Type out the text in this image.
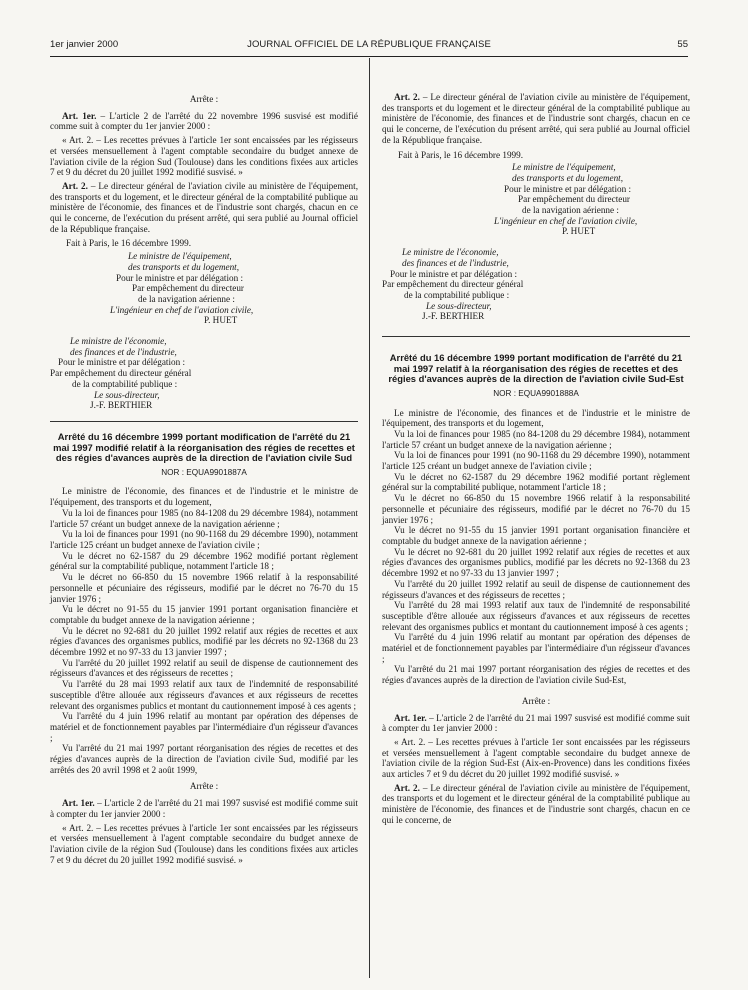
1er janvier 2000	JOURNAL OFFICIEL DE LA RÉPUBLIQUE FRANÇAISE	55

Arrête :

Art. 1er. – L'article 2 de l'arrêté du 22 novembre 1996 susvisé est modifié comme suit à compter du 1er janvier 2000 :

« Art. 2. – Les recettes prévues à l'article 1er sont encaissées par les régisseurs et versées mensuellement à l'agent comptable secondaire du budget annexe de l'aviation civile de la région Sud (Toulouse) dans les conditions fixées aux articles 7 et 9 du décret du 20 juillet 1992 modifié susvisé. »

Art. 2. – Le directeur général de l'aviation civile au ministère de l'équipement, des transports et du logement, et le directeur général de la comptabilité publique au ministère de l'économie, des finances et de l'industrie sont chargés, chacun en ce qui le concerne, de l'exécution du présent arrêté, qui sera publié au Journal officiel de la République française.

Fait à Paris, le 16 décembre 1999.

Le ministre de l'équipement,

des transports et du logement,

Pour le ministre et par délégation :

Par empêchement du directeur

de la navigation aérienne :

L'ingénieur en chef de l'aviation civile,

P. HUET

Le ministre de l'économie,

des finances et de l'industrie,

Pour le ministre et par délégation :

Par empêchement du directeur général

de la comptabilité publique :

Le sous-directeur,

J.-F. BERTHIER

Arrêté du 16 décembre 1999 portant modification de l'arrêté du 21 mai 1997 modifié relatif à la réorganisation des régies de recettes et des régies d'avances auprès de la direction de l'aviation civile Sud

NOR : EQUA9901887A

Le ministre de l'économie, des finances et de l'industrie et le ministre de l'équipement, des transports et du logement,

Vu la loi de finances pour 1985 (no 84-1208 du 29 décembre 1984), notamment l'article 57 créant un budget annexe de la navigation aérienne ;

Vu la loi de finances pour 1991 (no 90-1168 du 29 décembre 1990), notamment l'article 125 créant un budget annexe de l'aviation civile ;

Vu le décret no 62-1587 du 29 décembre 1962 modifié portant règlement général sur la comptabilité publique, notamment l'article 18 ;

Vu le décret no 66-850 du 15 novembre 1966 relatif à la responsabilité personnelle et pécuniaire des régisseurs, modifié par le décret no 76-70 du 15 janvier 1976 ;

Vu le décret no 91-55 du 15 janvier 1991 portant organisation financière et comptable du budget annexe de la navigation aérienne ;

Vu le décret no 92-681 du 20 juillet 1992 relatif aux régies de recettes et aux régies d'avances des organismes publics, modifié par les décrets no 92-1368 du 23 décembre 1992 et no 97-33 du 13 janvier 1997 ;

Vu l'arrêté du 20 juillet 1992 relatif au seuil de dispense de cautionnement des régisseurs d'avances et des régisseurs de recettes ;

Vu l'arrêté du 28 mai 1993 relatif aux taux de l'indemnité de responsabilité susceptible d'être allouée aux régisseurs d'avances et aux régisseurs de recettes relevant des organismes publics et montant du cautionnement imposé à ces agents ;

Vu l'arrêté du 4 juin 1996 relatif au montant par opération des dépenses de matériel et de fonctionnement payables par l'intermédiaire d'un régisseur d'avances ;

Vu l'arrêté du 21 mai 1997 portant réorganisation des régies de recettes et des régies d'avances auprès de la direction de l'aviation civile Sud, modifié par les arrêtés des 20 avril 1998 et 2 août 1999,

Arrête :

Art. 1er. – L'article 2 de l'arrêté du 21 mai 1997 susvisé est modifié comme suit à compter du 1er janvier 2000 :

« Art. 2. – Les recettes prévues à l'article 1er sont encaissées par les régisseurs et versées mensuellement à l'agent comptable secondaire du budget annexe de l'aviation civile de la région Sud (Toulouse) dans les conditions fixées aux articles 7 et 9 du décret du 20 juillet 1992 modifié susvisé. »

Art. 2. – Le directeur général de l'aviation civile au ministère de l'équipement, des transports et du logement et le directeur général de la comptabilité publique au ministère de l'économie, des finances et de l'industrie sont chargés, chacun en ce qui le concerne, de l'exécution du présent arrêté, qui sera publié au Journal officiel de la République française.

Fait à Paris, le 16 décembre 1999.

Le ministre de l'équipement,

des transports et du logement,

Pour le ministre et par délégation :

Par empêchement du directeur

de la navigation aérienne :

L'ingénieur en chef de l'aviation civile,

P. HUET

Le ministre de l'économie,

des finances et de l'industrie,

Pour le ministre et par délégation :

Par empêchement du directeur général

de la comptabilité publique :

Le sous-directeur,

J.-F. BERTHIER

Arrêté du 16 décembre 1999 portant modification de l'arrêté du 21 mai 1997 relatif à la réorganisation des régies de recettes et des régies d'avances auprès de la direction de l'aviation civile Sud-Est

NOR : EQUA9901888A

Le ministre de l'économie, des finances et de l'industrie et le ministre de l'équipement, des transports et du logement,

Vu la loi de finances pour 1985 (no 84-1208 du 29 décembre 1984), notamment l'article 57 créant un budget annexe de la navigation aérienne ;

Vu la loi de finances pour 1991 (no 90-1168 du 29 décembre 1990), notamment l'article 125 créant un budget annexe de l'aviation civile ;

Vu le décret no 62-1587 du 29 décembre 1962 modifié portant règlement général sur la comptabilité publique, notamment l'article 18 ;

Vu le décret no 66-850 du 15 novembre 1966 relatif à la responsabilité personnelle et pécuniaire des régisseurs, modifié par le décret no 76-70 du 15 janvier 1976 ;

Vu le décret no 91-55 du 15 janvier 1991 portant organisation financière et comptable du budget annexe de la navigation aérienne ;

Vu le décret no 92-681 du 20 juillet 1992 relatif aux régies de recettes et aux régies d'avances des organismes publics, modifié par les décrets no 92-1368 du 23 décembre 1992 et no 97-33 du 13 janvier 1997 ;

Vu l'arrêté du 20 juillet 1992 relatif au seuil de dispense de cautionnement des régisseurs d'avances et des régisseurs de recettes ;

Vu l'arrêté du 28 mai 1993 relatif aux taux de l'indemnité de responsabilité susceptible d'être allouée aux régisseurs d'avances et aux régisseurs de recettes relevant des organismes publics et montant du cautionnement imposé à ces agents ;

Vu l'arrêté du 4 juin 1996 relatif au montant par opération des dépenses de matériel et de fonctionnement payables par l'intermédiaire d'un régisseur d'avances ;

Vu l'arrêté du 21 mai 1997 portant réorganisation des régies de recettes et des régies d'avances auprès de la direction de l'aviation civile Sud-Est,

Arrête :

Art. 1er. – L'article 2 de l'arrêté du 21 mai 1997 susvisé est modifié comme suit à compter du 1er janvier 2000 :

« Art. 2. – Les recettes prévues à l'article 1er sont encaissées par les régisseurs et versées mensuellement à l'agent comptable secondaire du budget annexe de l'aviation civile de la région Sud-Est (Aix-en-Provence) dans les conditions fixées aux articles 7 et 9 du décret du 20 juillet 1992 modifié susvisé. »

Art. 2. – Le directeur général de l'aviation civile au ministère de l'équipement, des transports et du logement et le directeur général de la comptabilité publique au ministère de l'économie, des finances et de l'industrie sont chargés, chacun en ce qui le concerne, de
